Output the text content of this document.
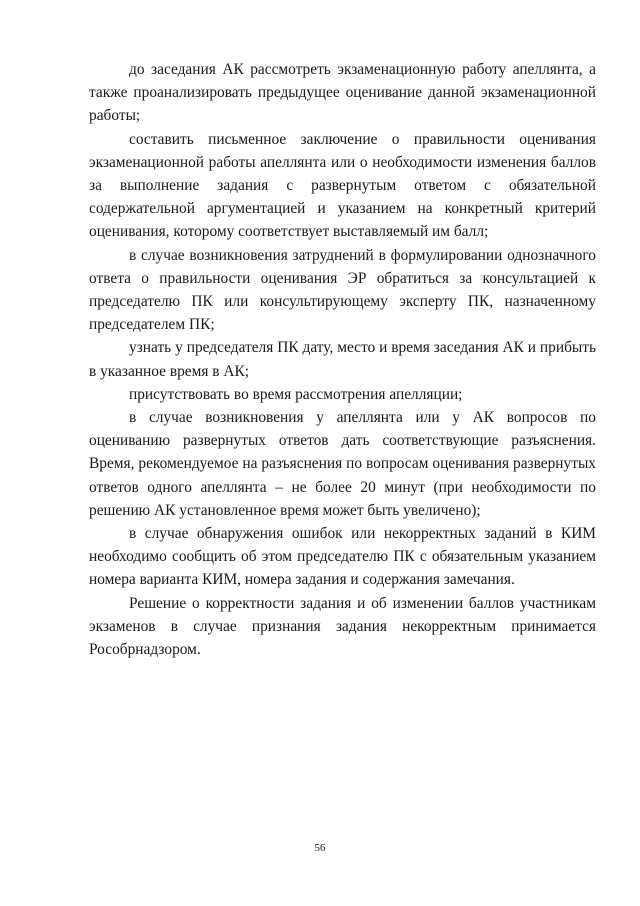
до заседания АК рассмотреть экзаменационную работу апеллянта, а также проанализировать предыдущее оценивание данной экзаменационной работы;

составить письменное заключение о правильности оценивания экзаменационной работы апеллянта или о необходимости изменения баллов за выполнение задания с развернутым ответом с обязательной содержательной аргументацией и указанием на конкретный критерий оценивания, которому соответствует выставляемый им балл;

в случае возникновения затруднений в формулировании однозначного ответа о правильности оценивания ЭР обратиться за консультацией к председателю ПК или консультирующему эксперту ПК, назначенному председателем ПК;

узнать у председателя ПК дату, место и время заседания АК и прибыть в указанное время в АК;

присутствовать во время рассмотрения апелляции;

в случае возникновения у апеллянта или у АК вопросов по оцениванию развернутых ответов дать соответствующие разъяснения. Время, рекомендуемое на разъяснения по вопросам оценивания развернутых ответов одного апеллянта – не более 20 минут (при необходимости по решению АК установленное время может быть увеличено);

в случае обнаружения ошибок или некорректных заданий в КИМ необходимо сообщить об этом председателю ПК с обязательным указанием номера варианта КИМ, номера задания и содержания замечания.

Решение о корректности задания и об изменении баллов участникам экзаменов в случае признания задания некорректным принимается Рособрнадзором.

56
